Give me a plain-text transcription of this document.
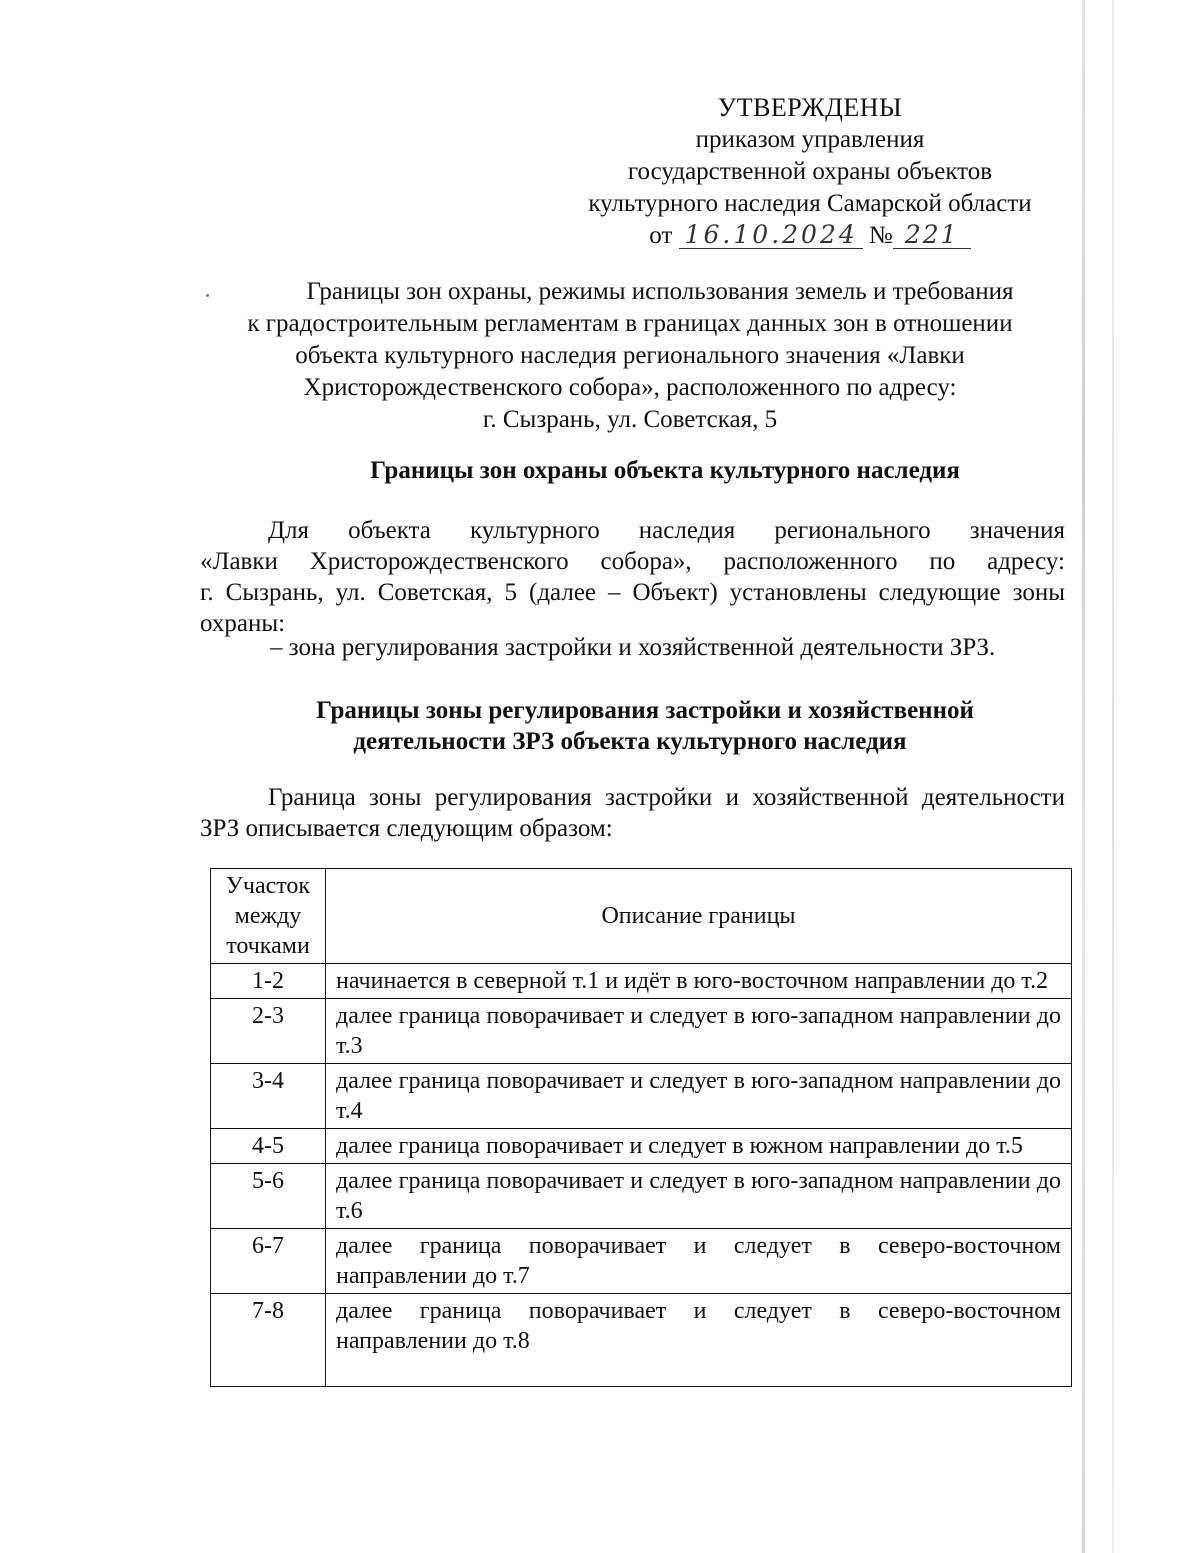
УТВЕРЖДЕНЫ
приказом управления
государственной охраны объектов
культурного наследия Самарской области
от 16.10.2024 № 221
Границы зон охраны, режимы использования земель и требования
к градостроительным регламентам в границах данных зон в отношении
объекта культурного наследия регионального значения «Лавки
Христорождественского собора», расположенного по адресу:
г. Сызрань, ул. Советская, 5
Границы зон охраны объекта культурного наследия
Для объекта культурного наследия регионального значения
«Лавки Христорождественского собора», расположенного по адресу:
г. Сызрань, ул. Советская, 5 (далее – Объект) установлены следующие зоны охраны:
– зона регулирования застройки и хозяйственной деятельности ЗРЗ.
Границы зоны регулирования застройки и хозяйственной
деятельности ЗРЗ объекта культурного наследия
Граница зоны регулирования застройки и хозяйственной деятельности ЗРЗ описывается следующим образом:
Участок между точками	Описание границы
1-2	начинается в северной т.1 и идёт в юго-восточном направлении до т.2
2-3	далее граница поворачивает и следует в юго-западном направлении до т.3
3-4	далее граница поворачивает и следует в юго-западном направлении до т.4
4-5	далее граница поворачивает и следует в южном направлении до т.5
5-6	далее граница поворачивает и следует в юго-западном направлении до т.6
6-7	далее граница поворачивает и следует в северо-восточном направлении до т.7
7-8	далее граница поворачивает и следует в северо-восточном направлении до т.8
